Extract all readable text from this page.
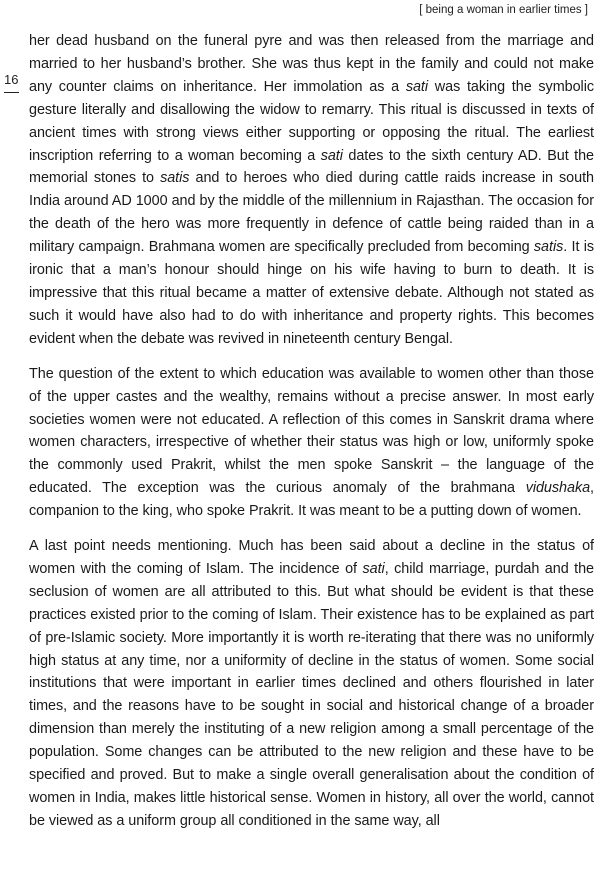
[ being a woman in earlier times ]
16

her dead husband on the funeral pyre and was then released from the marriage and married to her husband’s brother. She was thus kept in the family and could not make any counter claims on inheritance. Her immolation as a sati was taking the symbolic gesture literally and disallowing the widow to remarry. This ritual is discussed in texts of ancient times with strong views either supporting or opposing the ritual. The earliest inscription referring to a woman becoming a sati dates to the sixth century AD. But the memorial stones to satis and to heroes who died during cattle raids increase in south India around AD 1000 and by the middle of the millennium in Rajasthan. The occasion for the death of the hero was more frequently in defence of cattle being raided than in a military campaign. Brahmana women are specifically precluded from becoming satis. It is ironic that a man’s honour should hinge on his wife having to burn to death. It is impressive that this ritual became a matter of extensive debate. Although not stated as such it would have also had to do with inheritance and property rights. This becomes evident when the debate was revived in nineteenth century Bengal.

The question of the extent to which education was available to women other than those of the upper castes and the wealthy, remains without a precise answer. In most early societies women were not educated. A reflection of this comes in Sanskrit drama where women characters, irrespective of whether their status was high or low, uniformly spoke the commonly used Prakrit, whilst the men spoke Sanskrit – the language of the educated. The exception was the curious anomaly of the brahmana vidushaka, companion to the king, who spoke Prakrit. It was meant to be a putting down of women.

A last point needs mentioning. Much has been said about a decline in the status of women with the coming of Islam. The incidence of sati, child marriage, purdah and the seclusion of women are all attributed to this. But what should be evident is that these practices existed prior to the coming of Islam. Their existence has to be explained as part of pre-Islamic society. More importantly it is worth re-iterating that there was no uniformly high status at any time, nor a uniformity of decline in the status of women. Some social institutions that were important in earlier times declined and others flourished in later times, and the reasons have to be sought in social and historical change of a broader dimension than merely the instituting of a new religion among a small percentage of the population. Some changes can be attributed to the new religion and these have to be specified and proved. But to make a single overall generalisation about the condition of women in India, makes little historical sense. Women in history, all over the world, cannot be viewed as a uniform group all conditioned in the same way, all
